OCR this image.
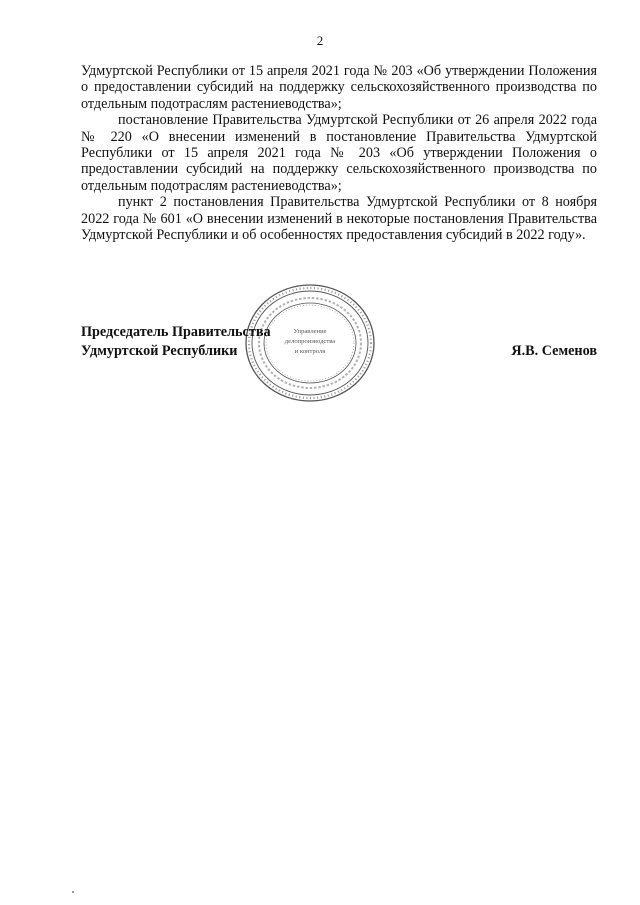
2

Удмуртской Республики от 15 апреля 2021 года № 203 «Об утверждении Положения о предоставлении субсидий на поддержку сельскохозяйственного производства по отдельным подотраслям растениеводства»;

постановление Правительства Удмуртской Республики от 26 апреля 2022 года № 220 «О внесении изменений в постановление Правительства Удмуртской Республики от 15 апреля 2021 года № 203 «Об утверждении Положения о предоставлении субсидий на поддержку сельскохозяйственного производства по отдельным подотраслям растениеводства»;

пункт 2 постановления Правительства Удмуртской Республики от 8 ноября 2022 года № 601 «О внесении изменений в некоторые постановления Правительства Удмуртской Республики и об особенностях предоставления субсидий в 2022 году».

Управление
делопроизводства
и контроля
Председатель Правительства
Удмуртской Республики	Я.В. Семенов
